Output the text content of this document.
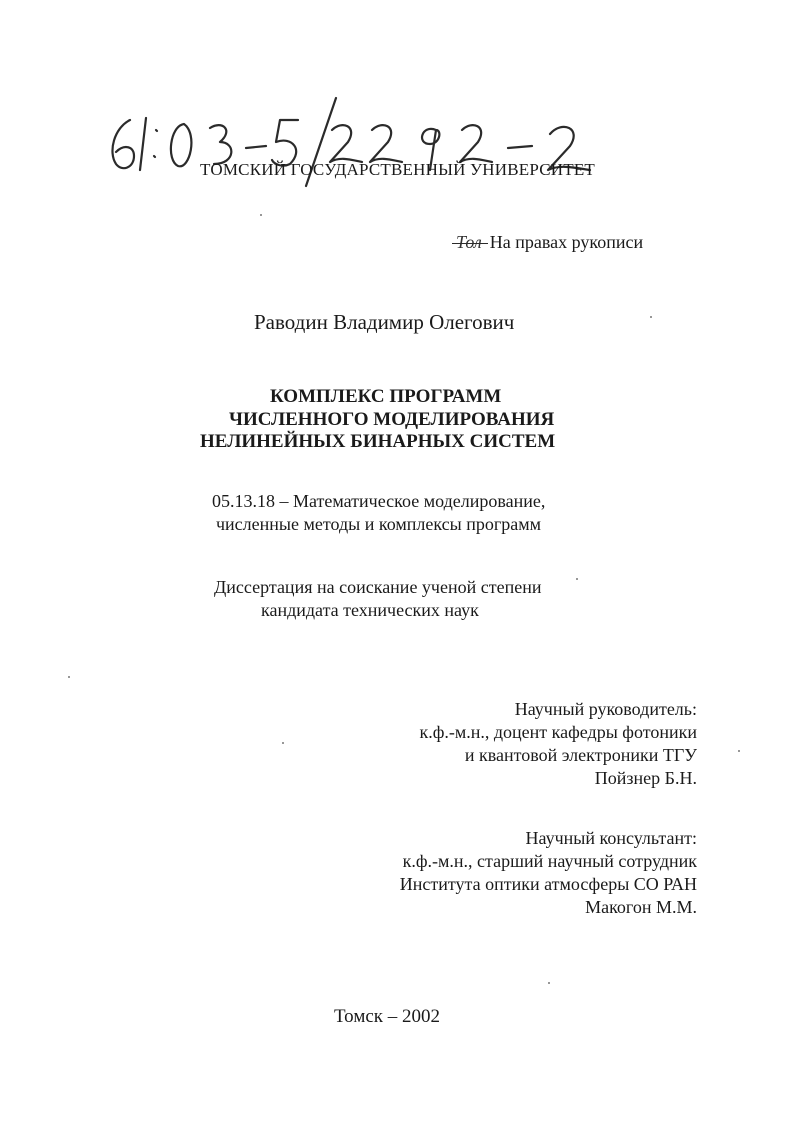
ТОМСКИЙ ГОСУДАРСТВЕННЫЙ УНИВЕРСИТЕТ
Тол На правах рукописи
Раводин Владимир Олегович
КОМПЛЕКС ПРОГРАММ
ЧИСЛЕННОГО МОДЕЛИРОВАНИЯ
НЕЛИНЕЙНЫХ БИНАРНЫХ СИСТЕМ
05.13.18 – Математическое моделирование,
численные методы и комплексы программ
Диссертация на соискание ученой степени
кандидата технических наук
Научный руководитель:
к.ф.-м.н., доцент кафедры фотоники
и квантовой электроники ТГУ
Пойзнер Б.Н.
Научный консультант:
к.ф.-м.н., старший научный сотрудник
Института оптики атмосферы СО РАН
Макогон М.М.
Томск – 2002
